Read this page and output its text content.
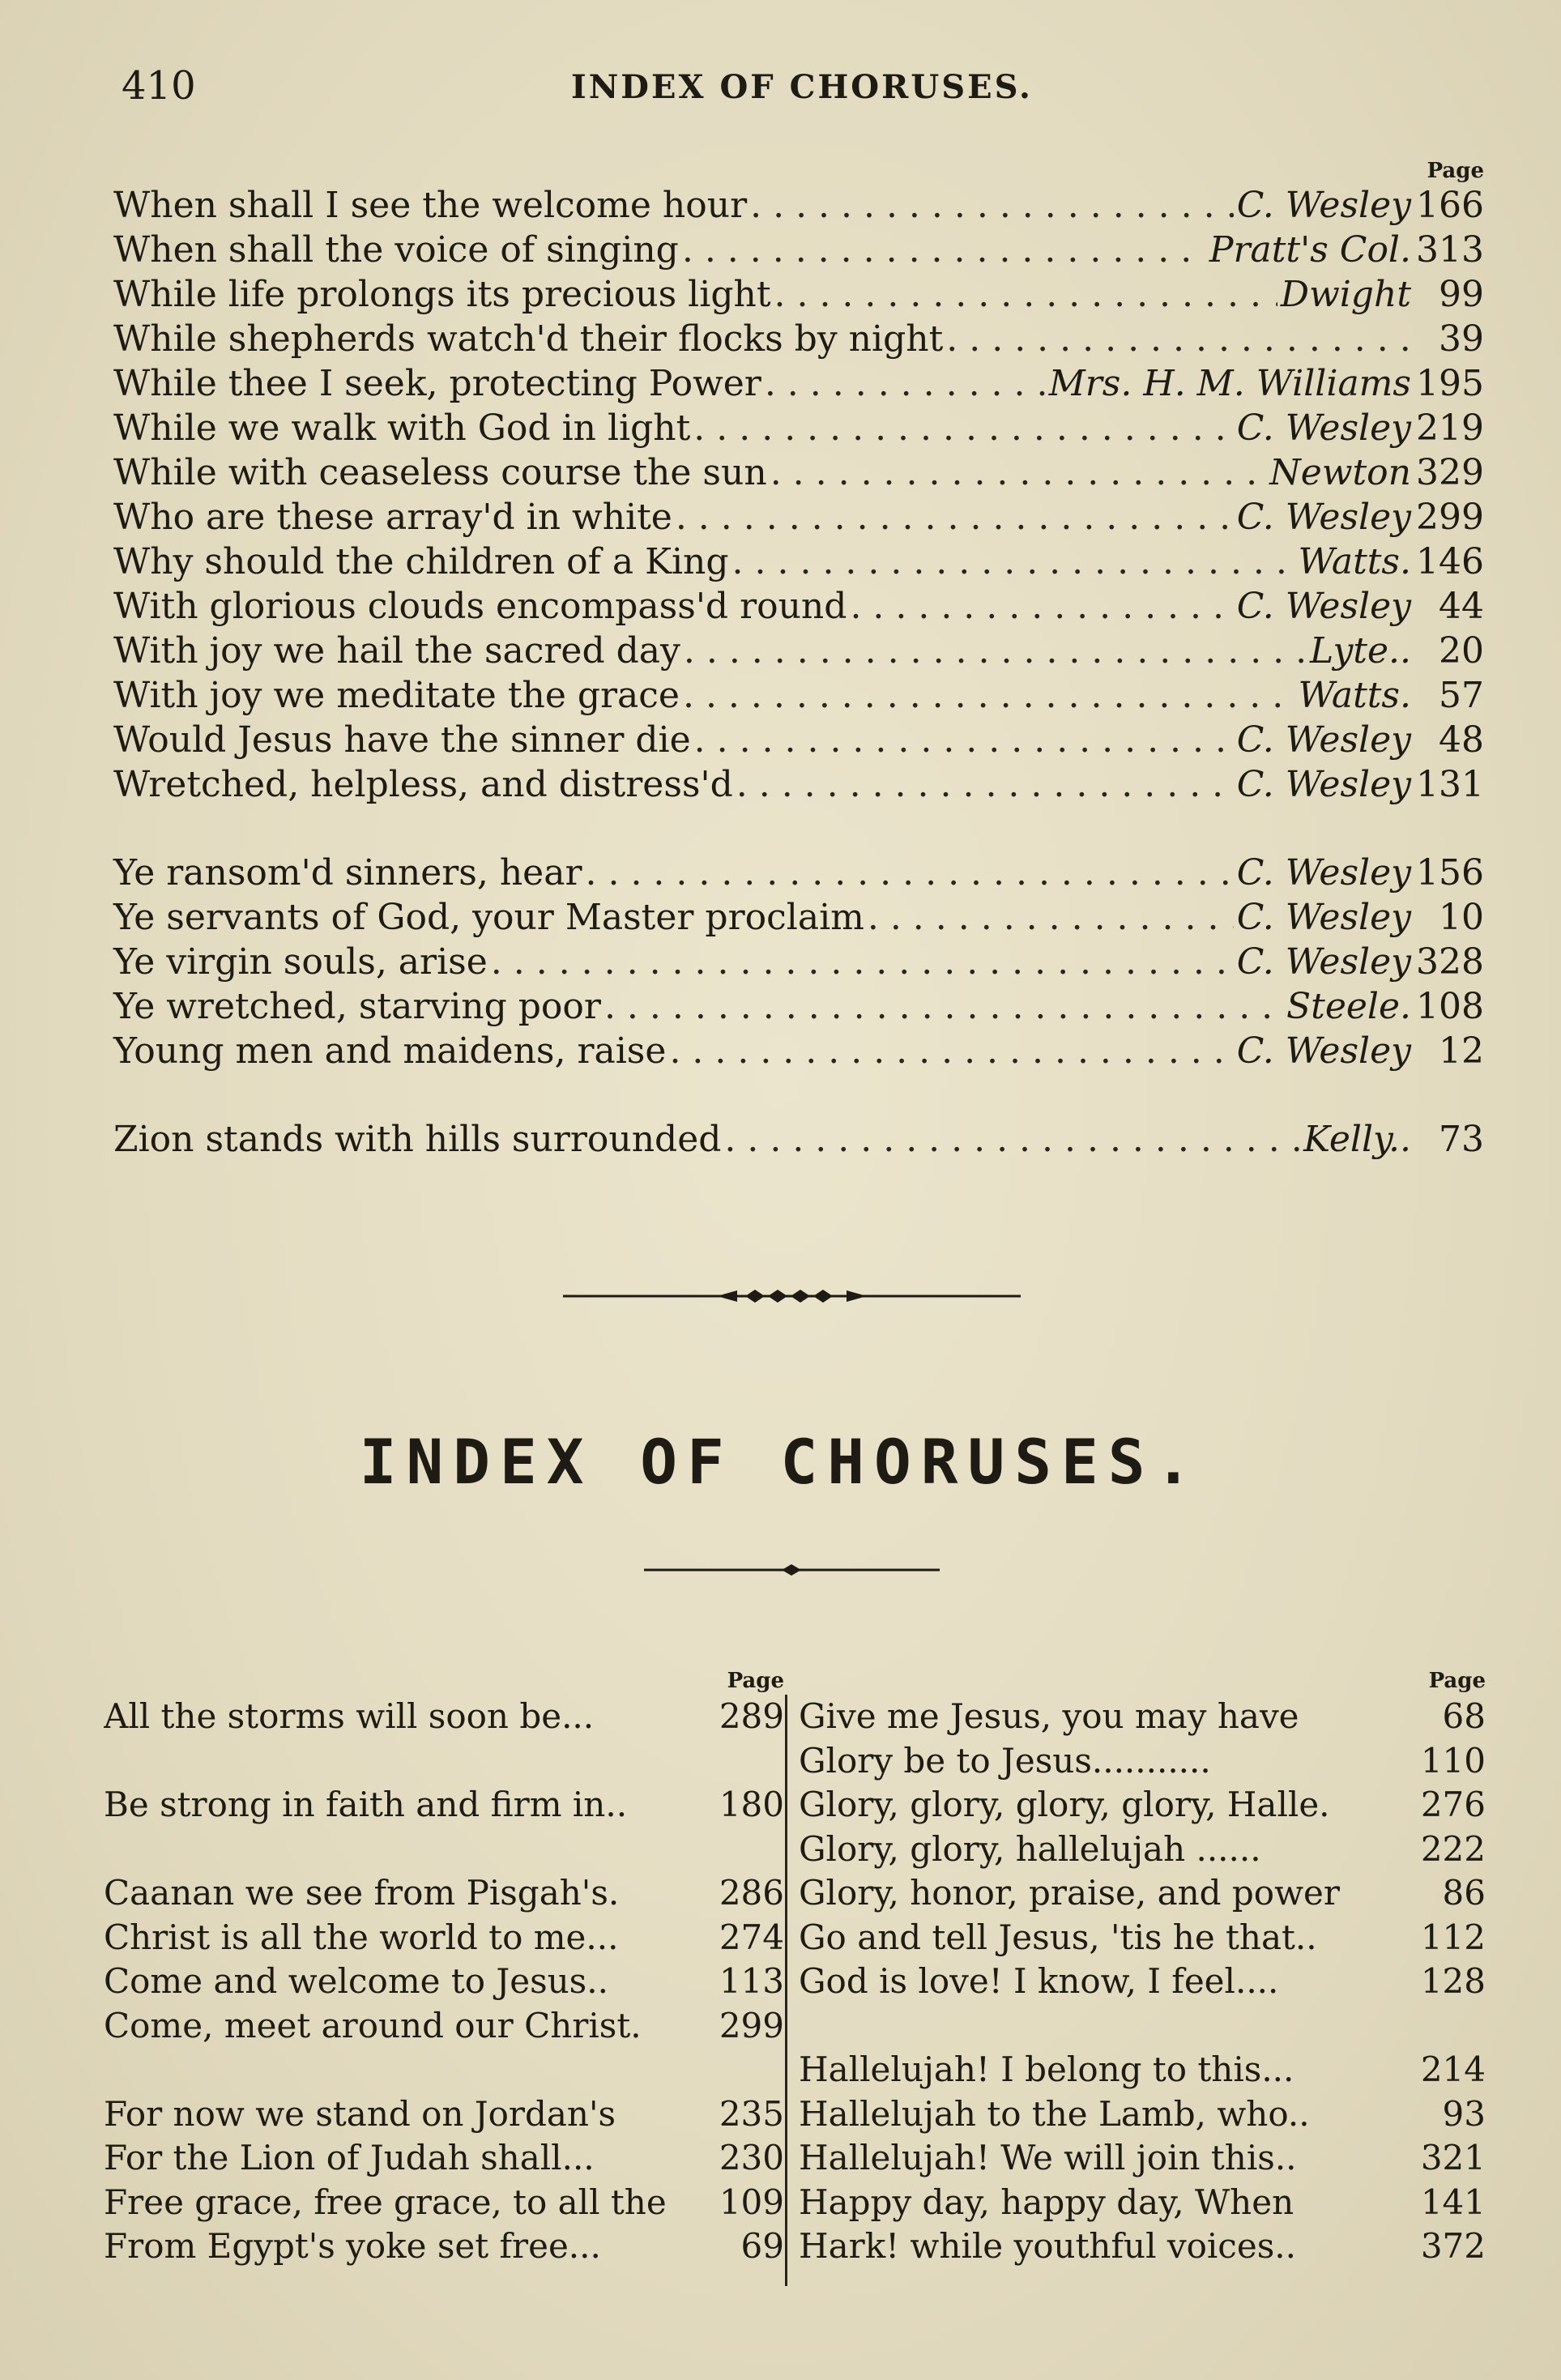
410	INDEX OF CHORUSES.
Page
When shall I see the welcome hour . . .	C. Wesley 166
When shall the voice of singing . . .	Pratt's Col. 313
While life prolongs its precious light . . .	Dwight 99
While shepherds watch'd their flocks by night . . .	39
While thee I seek, protecting Power . . .	Mrs. H. M. Williams 195
While we walk with God in light . . .	C. Wesley 219
While with ceaseless course the sun . . .	Newton 329
Who are these array'd in white . . .	C. Wesley 299
Why should the children of a King . . .	Watts. 146
With glorious clouds encompass'd round . . .	C. Wesley 44
With joy we hail the sacred day . . .	Lyte.. 20
With joy we meditate the grace . . .	Watts. 57
Would Jesus have the sinner die . . .	C. Wesley 48
Wretched, helpless, and distress'd . . .	C. Wesley 131
Ye ransom'd sinners, hear . . .	C. Wesley 156
Ye servants of God, your Master proclaim . . .	C. Wesley 10
Ye virgin souls, arise . . .	C. Wesley 328
Ye wretched, starving poor . . .	Steele. 108
Young men and maidens, raise . . .	C. Wesley 12
Zion stands with hills surrounded . . .	Kelly.. 73
INDEX OF CHORUSES.
Page
All the storms will soon be...	289
Be strong in faith and firm in..	180
Caanan we see from Pisgah's.	286
Christ is all the world to me...	274
Come and welcome to Jesus..	113
Come, meet around our Christ.	299
For now we stand on Jordan's	235
For the Lion of Judah shall...	230
Free grace, free grace, to all the	109
From Egypt's yoke set free...	69
Page
Give me Jesus, you may have	68
Glory be to Jesus...........	110
Glory, glory, glory, glory, Halle.	276
Glory, glory, hallelujah ......	222
Glory, honor, praise, and power	86
Go and tell Jesus, 'tis he that..	112
God is love! I know, I feel....	128
Hallelujah! I belong to this...	214
Hallelujah to the Lamb, who..	93
Hallelujah! We will join this..	321
Happy day, happy day, When	141
Hark! while youthful voices..	372
